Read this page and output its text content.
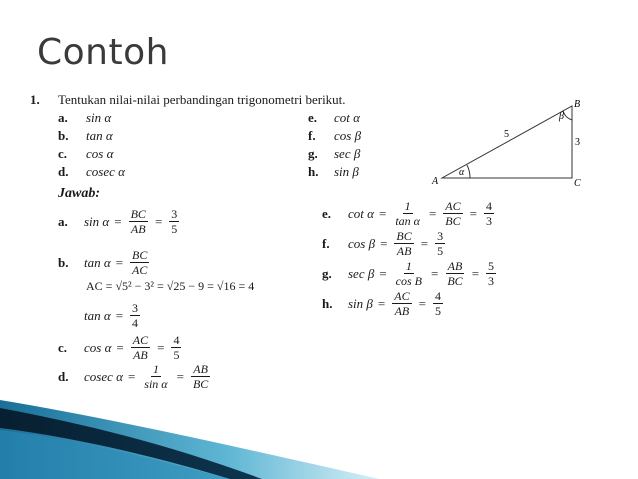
Contoh
1. Tentukan nilai-nilai perbandingan trigonometri berikut.
a. sin α
b. tan α
c. cos α
d. cosec α
e. cot α
f. cos β
g. sec β
h. sin β
A
B
C
α
β
5
3
Jawab:
a.	$\sin \alpha = \frac{BC}{AB} = \frac{3}{5}$
b.	$\tan \alpha = \frac{BC}{AC}$
AC = √5² − 3² = √25 − 9 = √16 = 4
$\tan \alpha = \frac{3}{4}$
c.	$\cos \alpha = \frac{AC}{AB} = \frac{4}{5}$
d.	cosec $\alpha = \frac{1}{\text{sin α}} = \frac{AB}{BC}$
e.	$\cot \alpha = \frac{1}{\text{tan α}} = \frac{AC}{BC} = \frac{4}{3}$
f.	$\cos \beta = \frac{BC}{AB} = \frac{3}{5}$
g.	$\sec \beta = \frac{1}{\text{cos B}} = \frac{AB}{BC} = \frac{5}{3}$
h.	$\sin \beta = \frac{AC}{AB} = \frac{4}{5}$
